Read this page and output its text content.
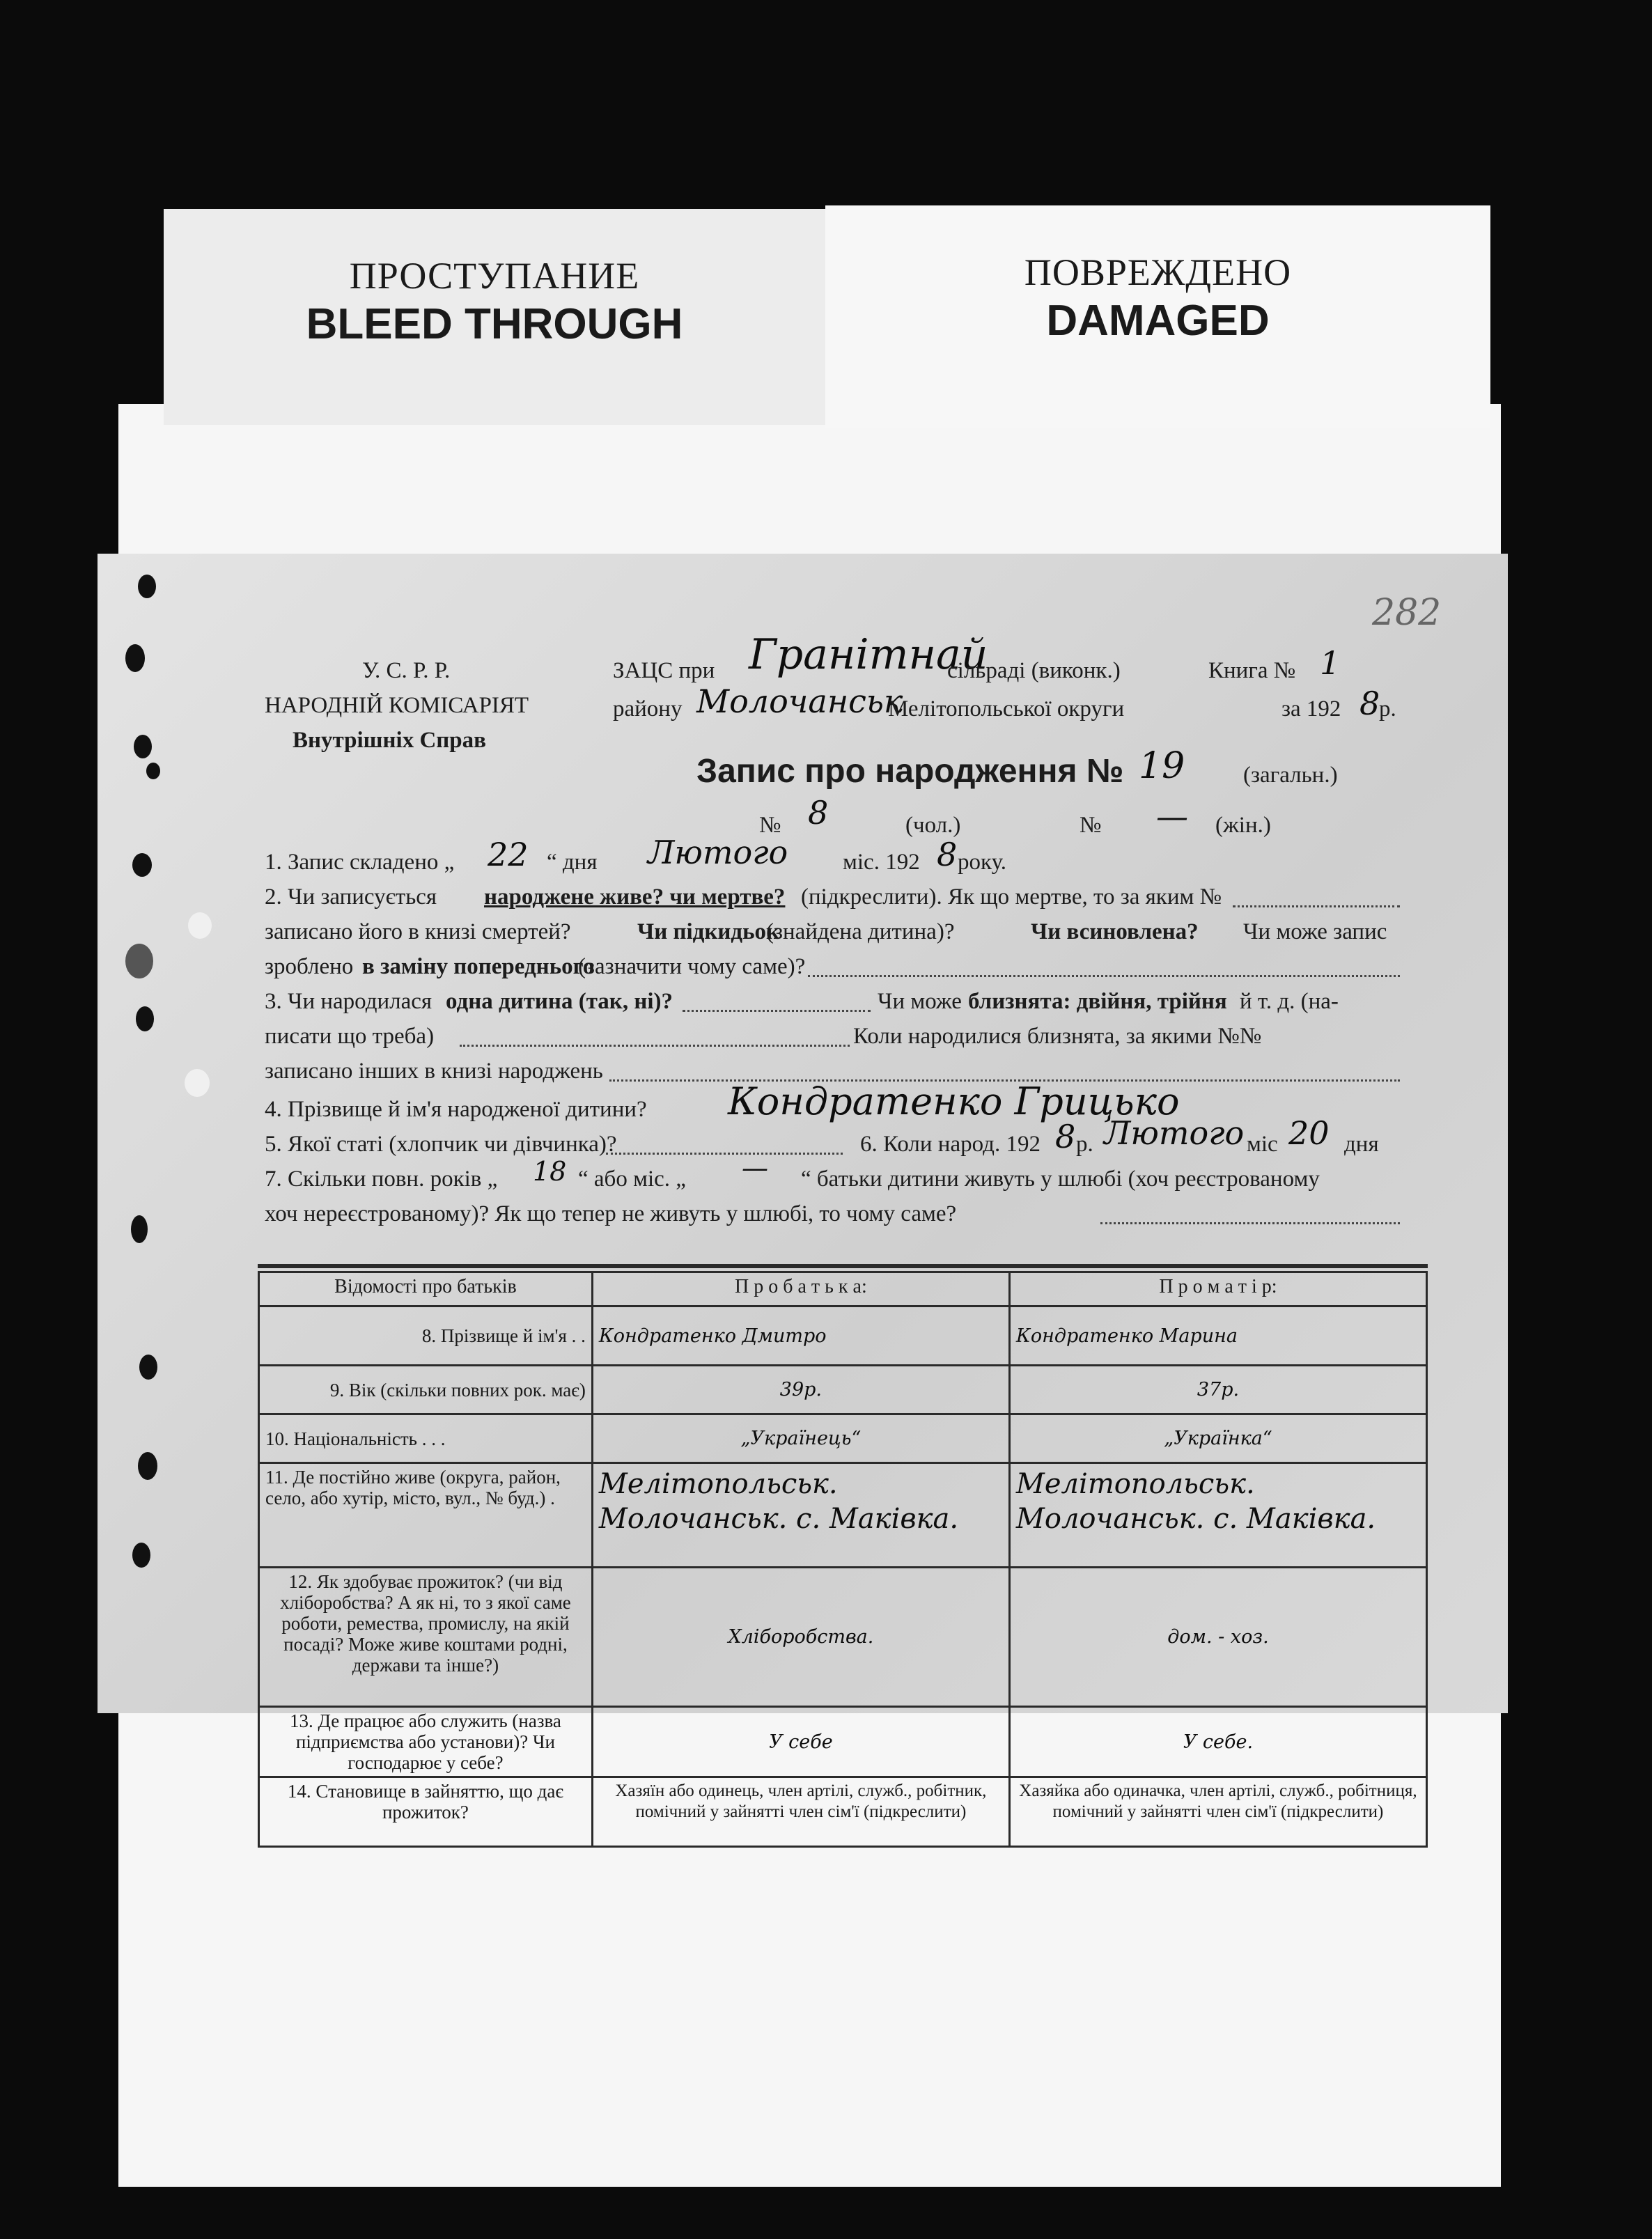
ПРОСТУПАНИЕ
BLEED THROUGH
ПОВРЕЖДЕНО
DAMAGED
282
У. С. Р. Р.
НАРОДНІЙ КОМІСАРІЯТ
Внутрішніх Справ
ЗАЦС при Гранітнай
сільраді (виконк.)	Книга № 1
району Молочанськ
Мелітопольської округи	за 192 8
р.
Запис про народження № 19	(загальн.)
№ 8	(чол.)	№ — (жін.)
1. Запис складено „ 22 “ дня Лютого міс. 192 8 року.
2. Чи записується народжене живе? чи мертве? (підкреслити). Як що мертве, то за яким №
записано його в книзі смертей?	Чи підкидьок
(знайдена дитина)?	Чи всиновлена? Чи може запис
зроблено в заміну попереднього
(зазначити чому саме)?
3. Чи народилася одна дитина (так, ні)?	Чи може близнята: двійня, трійня й т. д. (на-
писати що треба)	Коли народилися близнята, за якими №№
записано інших в книзі народжень
4. Прізвище й ім'я народженої дитини? Кондратенко Грицько
5. Якої статі (хлопчик чи дівчинка)?	6. Коли народ. 192 8 р. Лютого міс 20 дня
7. Скільки повн. років „ 18 “ або міс. „ — “ батьки дитини живуть у шлюбі (хоч реєстрованому
хоч нереєстрованому)? Як що тепер не живуть у шлюбі, то чому саме?
Відомості про батьків	П р о б а т ь к а:	П р о м а т і р:
8. Прізвище й ім'я . .	Кондратенко Дмитро	Кондратенко Марина
9. Вік (скільки повних рок. має)	39р.	37р.
10. Національність . . .	„Українець“	„Українка“
11. Де постійно живе (округа, район, село, або хутір, місто, вул., № буд.) .	Мелітопольськ. Молочанськ. с. Маківка.	Мелітопольськ. Молочанськ. с. Маківка.
12. Як здобуває прожиток? (чи від хліборобства? А як ні, то з якої саме роботи, ремества, промислу, на якій посаді? Може живе коштами родні, держави та інше?)	Хліборобства.	дом. - хоз.
13. Де працює або служить (назва підприємства або установи)? Чи господарює у себе?	У себе	У себе.
14. Становище в зайняттю, що дає прожиток?	Хазяїн або одинець, член артілі, служб., робітник, помічний у зайнятті член сім'ї (підкреслити)	Хазяйка або одиначка, член артілі, служб., робітниця, помічний у зайнятті член сім'ї (підкреслити)
